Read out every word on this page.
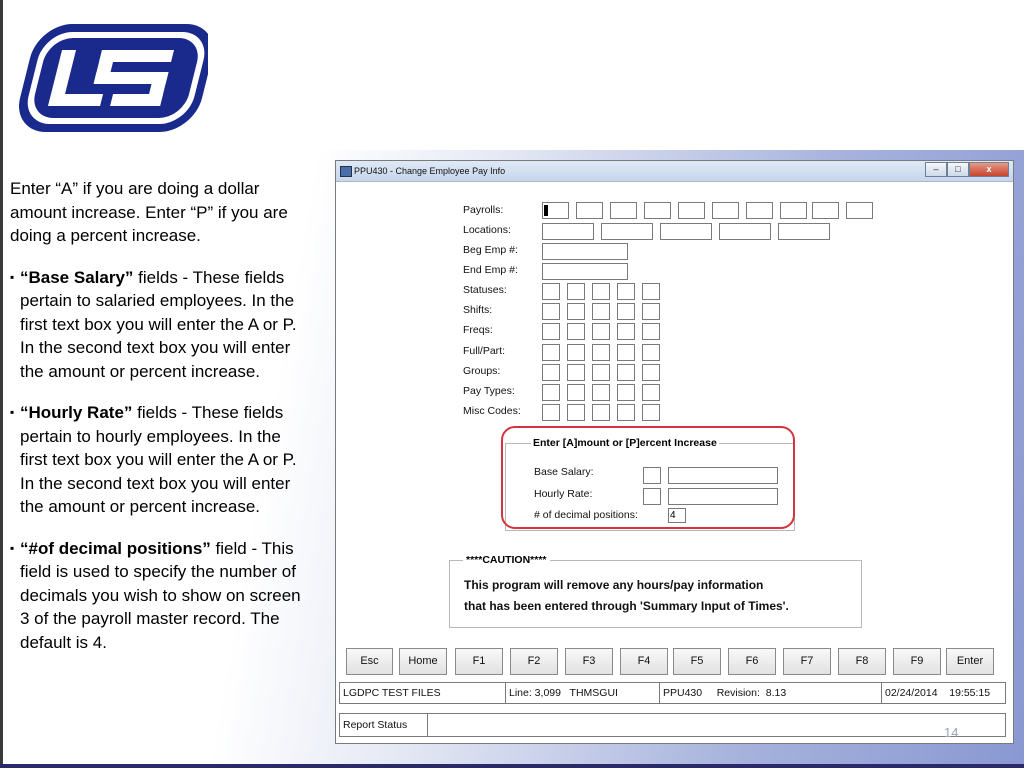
Enter “A” if you are doing a dollar amount increase. Enter “P” if you are doing a percent increase.

▪ “Base Salary” fields - These fields pertain to salaried employees. In the first text box you will enter the A or P. In the second text box you will enter the amount or percent increase.
▪ “Hourly Rate” fields - These fields pertain to hourly employees. In the first text box you will enter the A or P. In the second text box you will enter the amount or percent increase.
▪ “#of decimal positions” field - This field is used to specify the number of decimals you wish to show on screen 3 of the payroll master record. The default is 4.
PPU430 - Change Employee Pay Info	–	□	x
Payrolls:
Locations:
Beg Emp #:
End Emp #:
Statuses:
Shifts:
Freqs:
Full/Part:
Groups:
Pay Types:
Misc Codes:
Enter [A]mount or [P]ercent Increase
Base Salary:
Hourly Rate:
# of decimal positions:	4
****CAUTION****
This program will remove any hours/pay information
that has been entered through 'Summary Input of Times'.
Esc	Home	F1	F2	F3	F4	F5	F6	F7	F8	F9	Enter
LGDPC TEST FILES	Line: 3,099 THMSGUI	PPU430 Revision: 8.13	02/24/2014 19:55:15
Report Status	14
